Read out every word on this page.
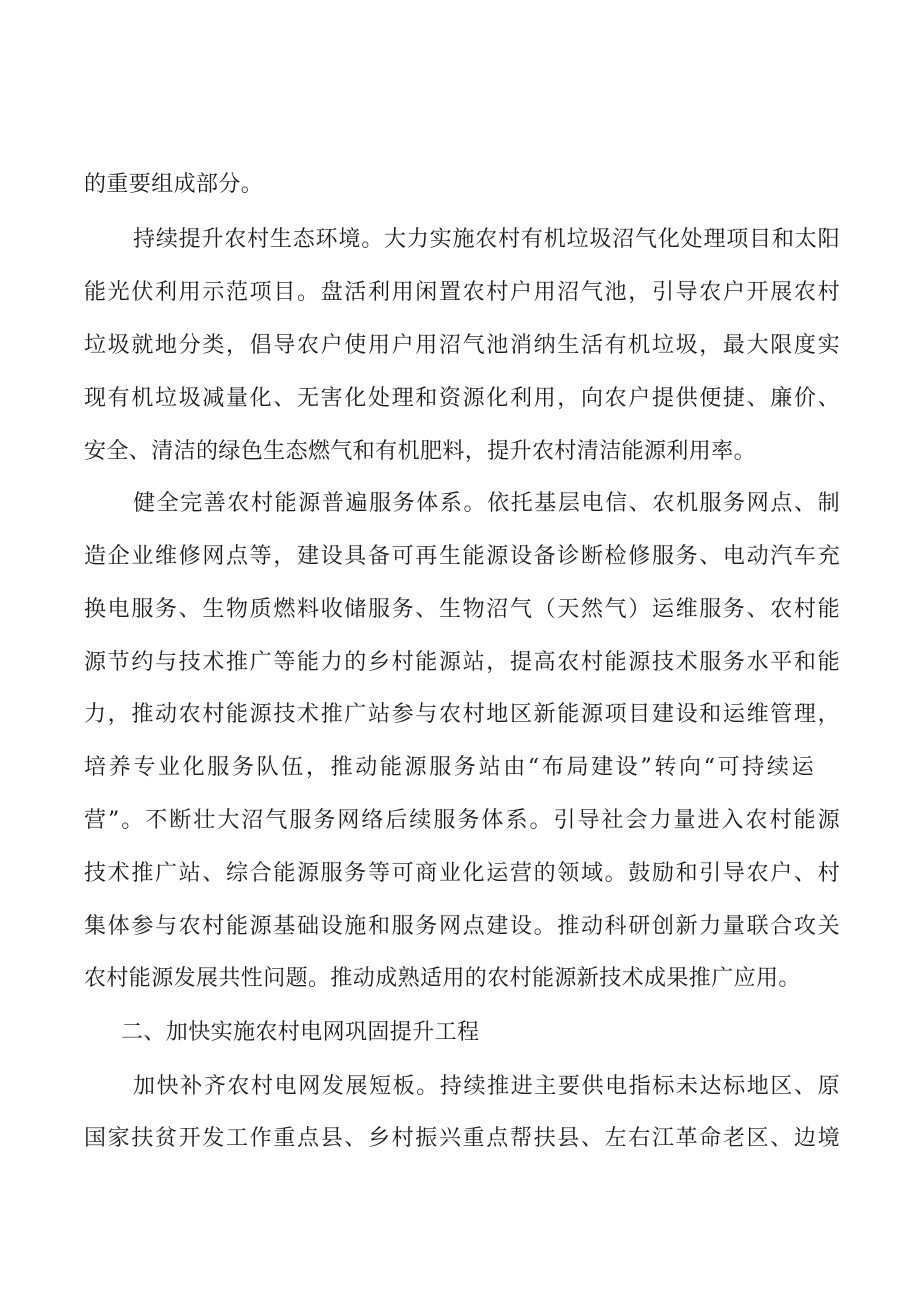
的重要组成部分。
持续提升农村生态环境。大力实施农村有机垃圾沼气化处理项目和太阳
能光伏利用示范项目。盘活利用闲置农村户用沼气池，引导农户开展农村
垃圾就地分类，倡导农户使用户用沼气池消纳生活有机垃圾，最大限度实
现有机垃圾减量化、无害化处理和资源化利用，向农户提供便捷、廉价、
安全、清洁的绿色生态燃气和有机肥料，提升农村清洁能源利用率。
健全完善农村能源普遍服务体系。依托基层电信、农机服务网点、制
造企业维修网点等，建设具备可再生能源设备诊断检修服务、电动汽车充
换电服务、生物质燃料收储服务、生物沼气（天然气）运维服务、农村能
源节约与技术推广等能力的乡村能源站，提高农村能源技术服务水平和能
力，推动农村能源技术推广站参与农村地区新能源项目建设和运维管理，
培养专业化服务队伍，推动能源服务站由“布局建设”转向“可持续运
营”。不断壮大沼气服务网络后续服务体系。引导社会力量进入农村能源
技术推广站、综合能源服务等可商业化运营的领域。鼓励和引导农户、村
集体参与农村能源基础设施和服务网点建设。推动科研创新力量联合攻关
农村能源发展共性问题。推动成熟适用的农村能源新技术成果推广应用。
二、加快实施农村电网巩固提升工程
加快补齐农村电网发展短板。持续推进主要供电指标未达标地区、原
国家扶贫开发工作重点县、乡村振兴重点帮扶县、左右江革命老区、边境
